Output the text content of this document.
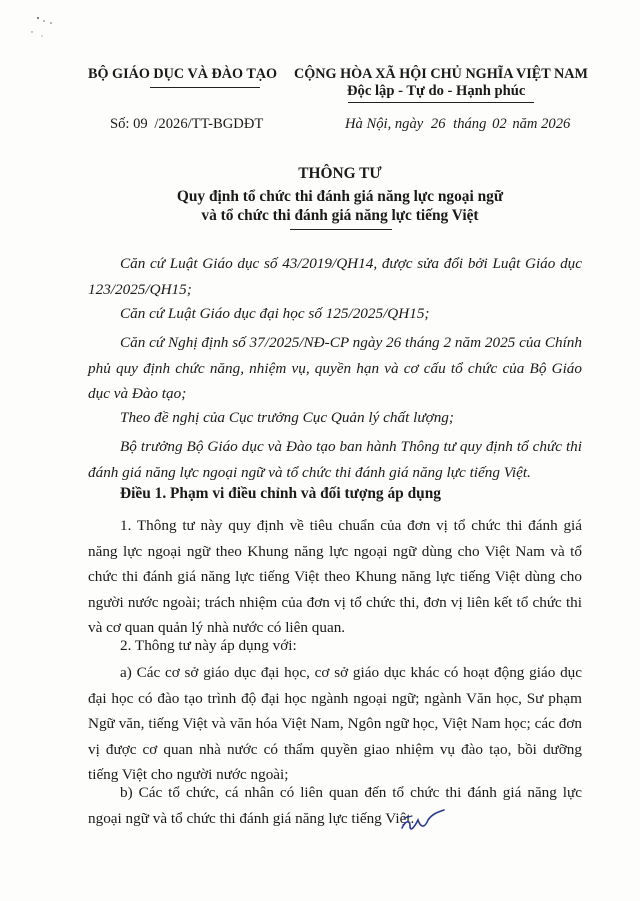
BỘ GIÁO DỤC VÀ ĐÀO TẠO CỘNG HÒA XÃ HỘI CHỦ NGHĨA VIỆT NAM
Độc lập - Tự do - Hạnh phúc
Số: 09 /2026/TT-BGDĐT	Hà Nội, ngày 26 tháng 02 năm 2026
THÔNG TƯ
Quy định tổ chức thi đánh giá năng lực ngoại ngữ
và tổ chức thi đánh giá năng lực tiếng Việt
Căn cứ Luật Giáo dục số 43/2019/QH14, được sửa đổi bởi Luật Giáo dục 123/2025/QH15;
Căn cứ Luật Giáo dục đại học số 125/2025/QH15;
Căn cứ Nghị định số 37/2025/NĐ-CP ngày 26 tháng 2 năm 2025 của Chính phủ quy định chức năng, nhiệm vụ, quyền hạn và cơ cấu tổ chức của Bộ Giáo dục và Đào tạo;
Theo đề nghị của Cục trưởng Cục Quản lý chất lượng;
Bộ trưởng Bộ Giáo dục và Đào tạo ban hành Thông tư quy định tổ chức thi đánh giá năng lực ngoại ngữ và tổ chức thi đánh giá năng lực tiếng Việt.
Điều 1. Phạm vi điều chỉnh và đối tượng áp dụng
1. Thông tư này quy định về tiêu chuẩn của đơn vị tổ chức thi đánh giá năng lực ngoại ngữ theo Khung năng lực ngoại ngữ dùng cho Việt Nam và tổ chức thi đánh giá năng lực tiếng Việt theo Khung năng lực tiếng Việt dùng cho người nước ngoài; trách nhiệm của đơn vị tổ chức thi, đơn vị liên kết tổ chức thi và cơ quan quản lý nhà nước có liên quan.
2. Thông tư này áp dụng với:
a) Các cơ sở giáo dục đại học, cơ sở giáo dục khác có hoạt động giáo dục đại học có đào tạo trình độ đại học ngành ngoại ngữ; ngành Văn học, Sư phạm Ngữ văn, tiếng Việt và văn hóa Việt Nam, Ngôn ngữ học, Việt Nam học; các đơn vị được cơ quan nhà nước có thẩm quyền giao nhiệm vụ đào tạo, bồi dưỡng tiếng Việt cho người nước ngoài;
b) Các tổ chức, cá nhân có liên quan đến tổ chức thi đánh giá năng lực ngoại ngữ và tổ chức thi đánh giá năng lực tiếng Việt.
